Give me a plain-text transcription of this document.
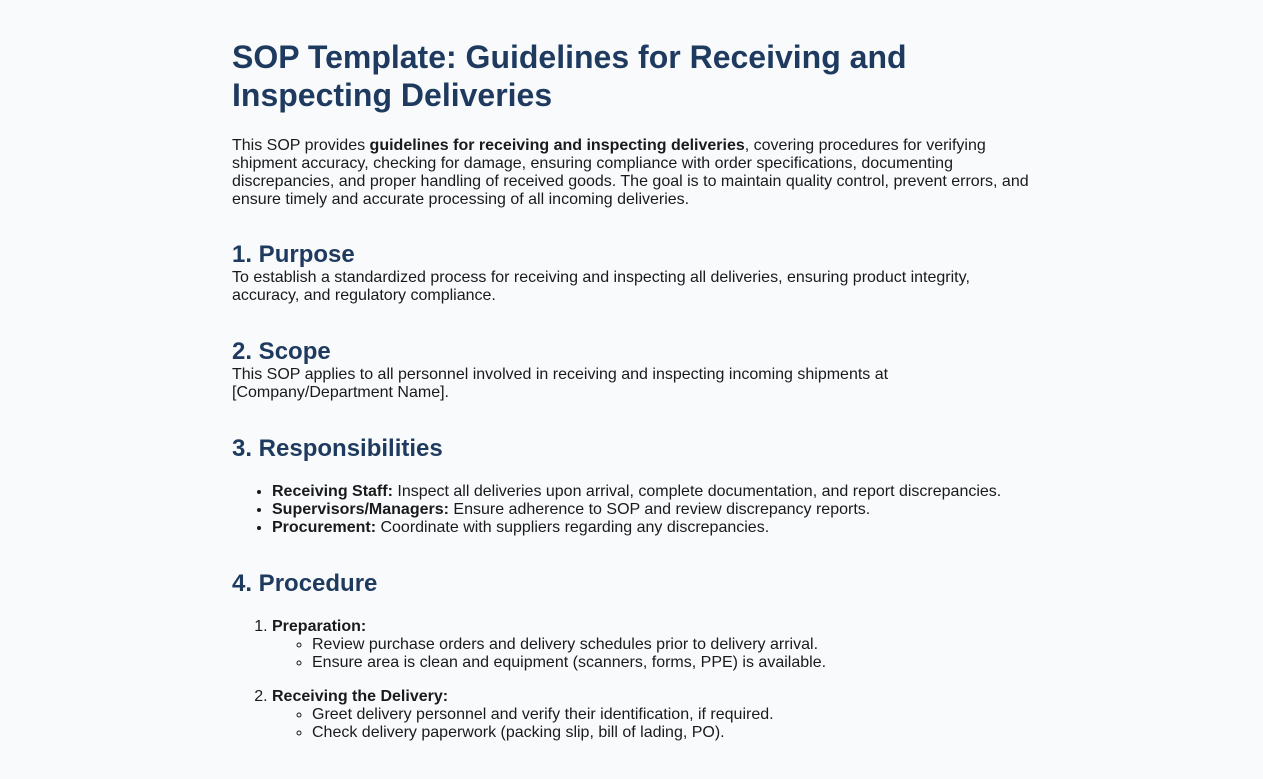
SOP Template: Guidelines for Receiving and Inspecting Deliveries

This SOP provides guidelines for receiving and inspecting deliveries, covering procedures for verifying shipment accuracy, checking for damage, ensuring compliance with order specifications, documenting discrepancies, and proper handling of received goods. The goal is to maintain quality control, prevent errors, and ensure timely and accurate processing of all incoming deliveries.

1. Purpose

To establish a standardized process for receiving and inspecting all deliveries, ensuring product integrity, accuracy, and regulatory compliance.

2. Scope

This SOP applies to all personnel involved in receiving and inspecting incoming shipments at [Company/Department Name].

3. Responsibilities
• Receiving Staff: Inspect all deliveries upon arrival, complete documentation, and report discrepancies.
• Supervisors/Managers: Ensure adherence to SOP and review discrepancy reports.
• Procurement: Coordinate with suppliers regarding any discrepancies.
4. Procedure
1. Preparation:
◦ Review purchase orders and delivery schedules prior to delivery arrival.
◦ Ensure area is clean and equipment (scanners, forms, PPE) is available.
2. Receiving the Delivery:
◦ Greet delivery personnel and verify their identification, if required.
◦ Check delivery paperwork (packing slip, bill of lading, PO).
